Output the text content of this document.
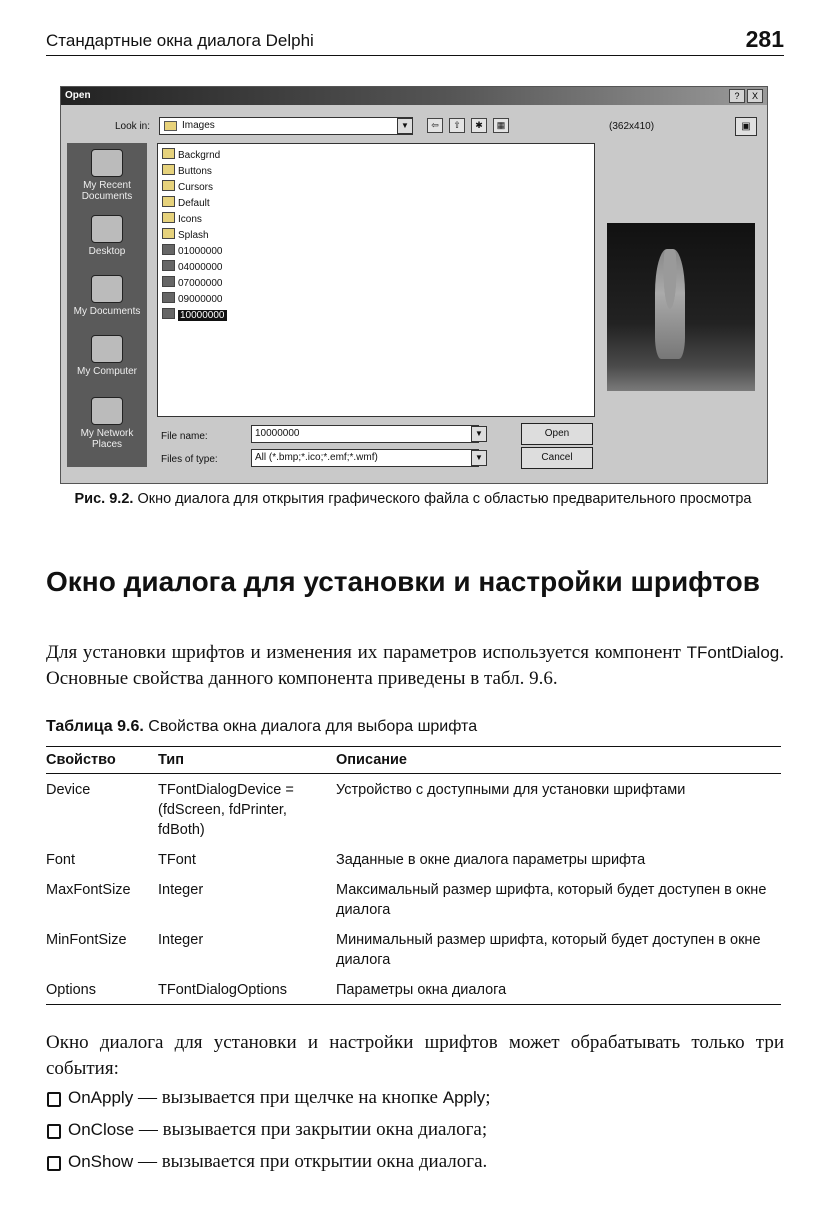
Стандартные окна диалога Delphi	281
Open	?	X
Look in:	Images	▼	⇦	⇧	✱	▦	(362x410)	▣
My Recent Documents
Desktop
My Documents
My Computer
My Network Places
Backgrnd
Buttons
Cursors
Default
Icons
Splash
01000000
04000000
07000000
09000000
10000000
File name:	10000000	▼
Files of type:	All (*.bmp;*.ico;*.emf;*.wmf)	▼
Open
Cancel
Рис. 9.2. Окно диалога для открытия графического файла с областью предварительного просмотра
Окно диалога для установки и настройки шрифтов

Для установки шрифтов и изменения их параметров используется компонент TFontDialog. Основные свойства данного компонента приведены в табл. 9.6.

Таблица 9.6. Свойства окна диалога для выбора шрифта
Свойство	Тип	Описание
Device	TFontDialogDevice = (fdScreen, fdPrinter, fdBoth)	Устройство с доступными для установки шрифтами
Font	TFont	Заданные в окне диалога параметры шрифта
MaxFontSize	Integer	Максимальный размер шрифта, который будет доступен в окне диалога
MinFontSize	Integer	Минимальный размер шрифта, который будет доступен в окне диалога
Options	TFontDialogOptions	Параметры окна диалога

Окно диалога для установки и настройки шрифтов может обрабатывать только три события:

OnApply — вызывается при щелчке на кнопке Apply;
OnClose — вызывается при закрытии окна диалога;
OnShow — вызывается при открытии окна диалога.
